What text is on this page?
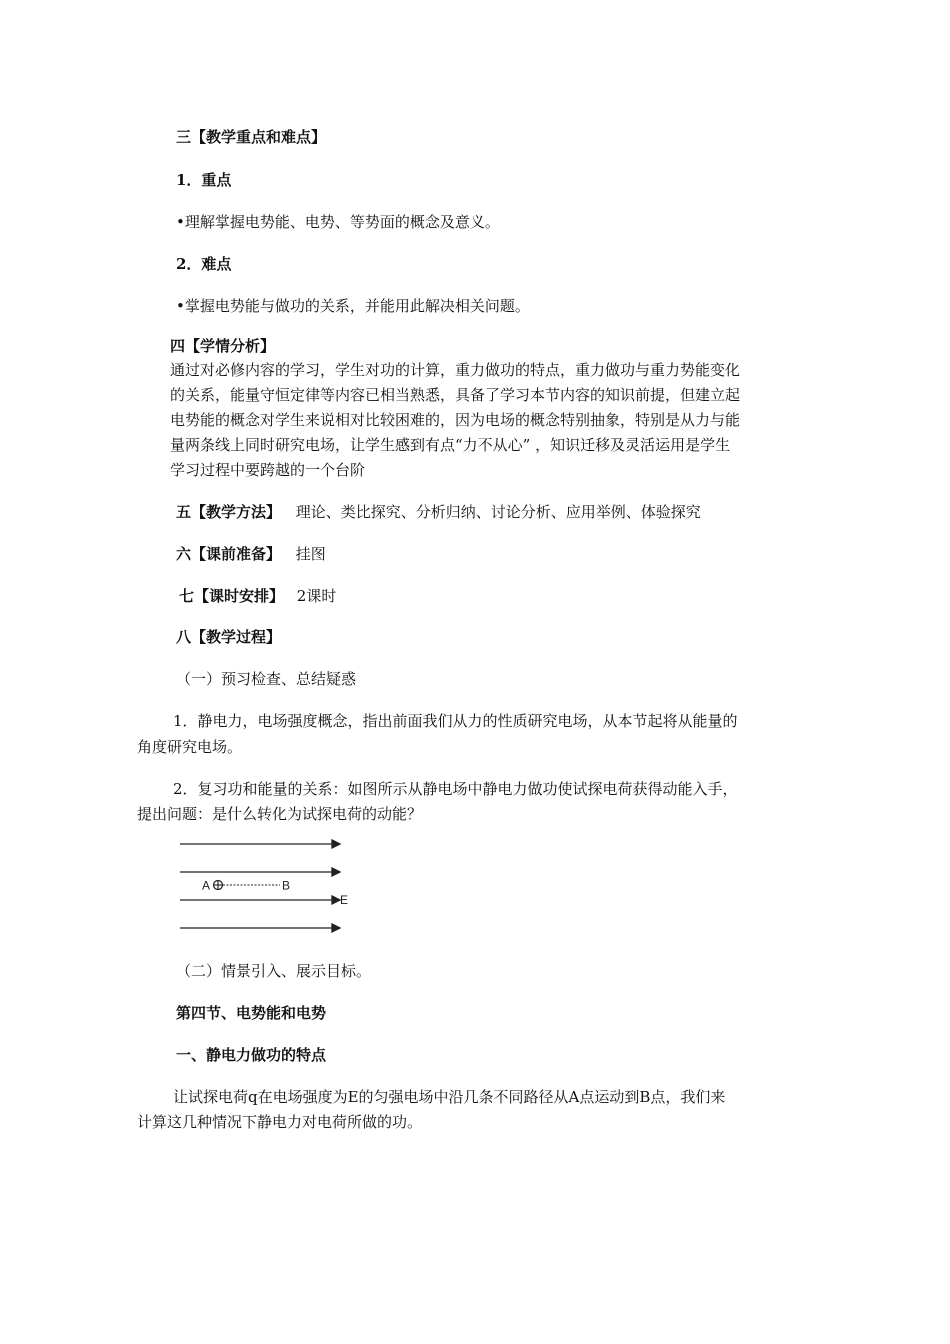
三【教学重点和难点】
1．重点
•理解掌握电势能、电势、等势面的概念及意义。
2．难点
•掌握电势能与做功的关系，并能用此解决相关问题。
四【学情分析】
通过对必修内容的学习，学生对功的计算，重力做功的特点，重力做功与重力势能变化
的关系，能量守恒定律等内容已相当熟悉，具备了学习本节内容的知识前提，但建立起
电势能的概念对学生来说相对比较困难的，因为电场的概念特别抽象，特别是从力与能
量两条线上同时研究电场，让学生感到有点“力不从心” ，知识迁移及灵活运用是学生
学习过程中要跨越的一个台阶
五【教学方法】 理论、类比探究、分析归纳、讨论分析、应用举例、体验探究
六【课前准备】 挂图
七【课时安排】 2课时
八【教学过程】
（一）预习检查、总结疑惑
1．静电力，电场强度概念，指出前面我们从力的性质研究电场，从本节起将从能量的
角度研究电场。
2．复习功和能量的关系：如图所示从静电场中静电力做功使试探电荷获得动能入手，
提出问题：是什么转化为试探电荷的动能？
A	B
E
（二）情景引入、展示目标。
第四节、电势能和电势
一、静电力做功的特点
让试探电荷q在电场强度为E的匀强电场中沿几条不同路径从A点运动到B点，我们来
计算这几种情况下静电力对电荷所做的功。
